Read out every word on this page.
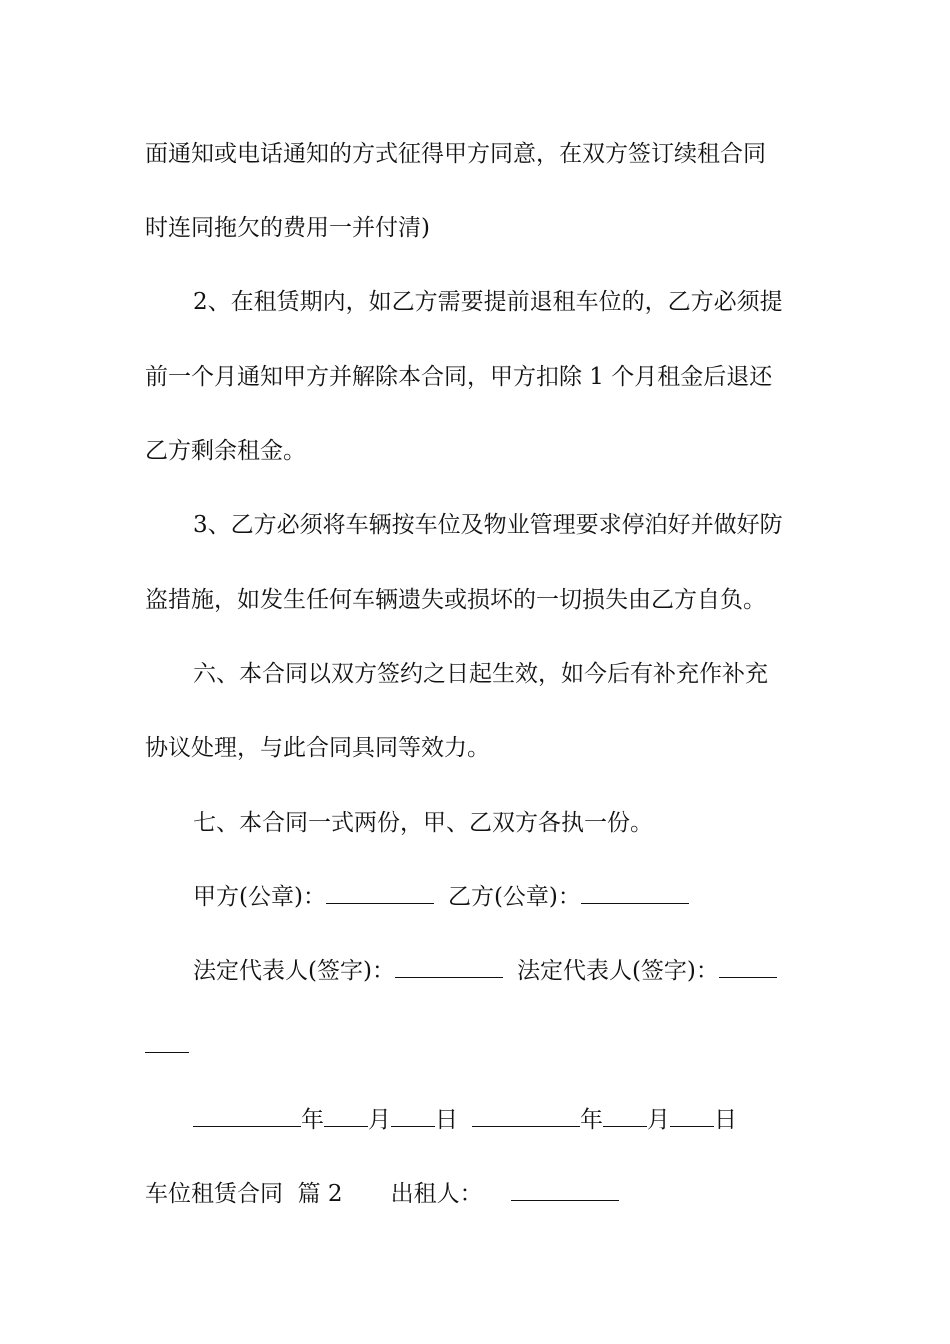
面通知或电话通知的方式征得甲方同意，在双方签订续租合同
时连同拖欠的费用一并付清)
2、在租赁期内，如乙方需要提前退租车位的，乙方必须提
前一个月通知甲方并解除本合同，甲方扣除 1 个月租金后退还
乙方剩余租金。
3、乙方必须将车辆按车位及物业管理要求停泊好并做好防
盗措施，如发生任何车辆遗失或损坏的一切损失由乙方自负。
六、本合同以双方签约之日起生效，如今后有补充作补充
协议处理，与此合同具同等效力。
七、本合同一式两份，甲、乙双方各执一份。
甲方(公章)：	乙方(公章)：
法定代表人(签字)：	法定代表人(签字)：
年 月 日	年 月 日
车位租赁合同  篇 2 出租人：
